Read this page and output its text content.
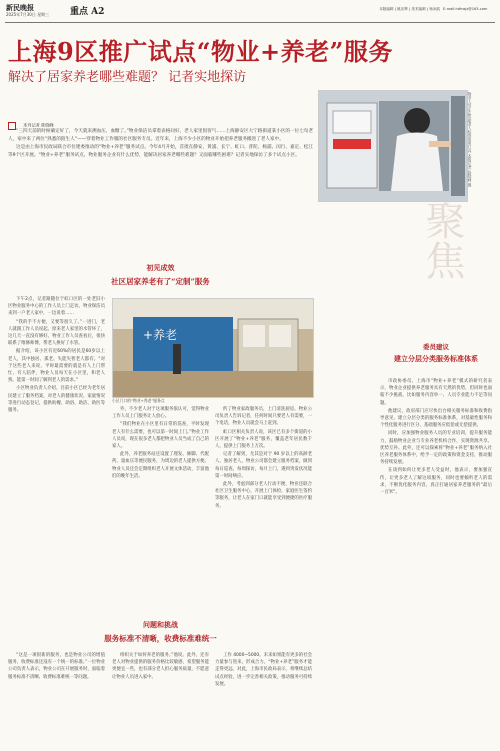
新民晚报
2025年7月30日 星期三 重点 A2	本版编辑 | 姚乐辉 | 美术编辑 | 杨冰鸥 E-mail:hdhwjz@163.com
上海9区推广试点“物业+养老”服务
解决了居家养老哪些难题？ 记者实地探访
本刊记者 陈晓峰

“三四天前的时候确定好了，今天就来测血压，血糖了。”物业保洁员拿着表格问好，老人家里很客气……上海静安区大宁路街道某小区的一位七旬老人，家中来了两位“熟悉的陌生人”——穿着物业工作服的社区服务专员。近年来，上海不少小区的物业开始把养老服务搬进了老人家中。

这是由上海市民政局联合市住建委推动的“物业+养老”服务试点。今年4月开始，首批在静安、黄浦、长宁、虹口、普陀、杨浦、闵行、嘉定、松江等9个区开展。“物业+养老”服务试点，物业服务企业有什么优势，能解决居家养老哪些难题？又面临哪些困难？记者实地探访了多个试点小区。	物业人员正在帮助老人检查家里灯具 本报记者 陈晓峰 摄
聚焦
初见成效
社区居家养老有了“定制”服务

下午2点，记者跟随位于虹口区的一处老旧小区物业服务中心的工作人员上门走访。物业保洁员来到一户老人家中，一边说着……

“我的手不方便，又要等很久了。”一进门，老人就跟工作人员说起。原来老人家里的水管坏了，这几天一直没有修好。物业工作人员查看后，很快联系了维修师傅，帮老人换好了水管。

据介绍，该小区有近60%的居民是60岁以上老人，其中独居、孤老、失能失智老人都有。“对于这些老人来说，平时最需要的就是有人上门帮忙、有人陪伴，物业人员每天在小区里，和老人熟，能第一时间了解到老人的需求。”

小区物业负责人介绍，目前小区已经为老年居民建立了服务档案，对老人的健康状况、家庭情况等进行动态登记，提供助餐、助浴、助洁、助医等服务。

+养老
小区门口的“物业+养老”服务点

外，不少老人对于这项服务很认可，觉得物业工作人员上门服务让人放心。

“我们物业在小区里有日常的巡查，平时发现老人有什么需要，也可以第一时间上门。”物业工作人员说，现在很多老人都把物业人员当成了自己的家人。

此外，养老服务站还设置了理发、修脚、代配药、量血压等便民服务，为周边的老人提供方便。物业人员还会定期组织老人开展文体活动，丰富他们的晚年生活。

约了物业家政服务员，上门清洗厨房。物业公司负责人告诉记者，任何时间只要老人有需要，一个电话，物业人员就会马上赶到。

虹口区相关负责人说，该区已有多个街道的小区开展了“物业+养老”服务，覆盖老年居民数千人，提供上门服务上万次。

记者了解到，尤其是对于 90 岁以上的高龄老人、独居老人，物业公司都会建立服务档案，做到每日巡查、每周探访、每月上门，遇到突发状况能第一时间响应。

此外，考虑到部分老人行动不便，物业还联合社区卫生服务中心，开展上门体检、家庭医生签约等服务，让老人在家门口就能享受到便捷的医疗服务。

问题和挑战
服务标准不清晰，收费标准难统一

“这是一项很新的服务，也是物业公司的增值服务，收费标准还没有一个统一的标准。”一位物业公司负责人表示，物业公司在开展服务时，面临着服务标准不清晰、收费标准难统一等问题。

组织关于如何养老的服务。”他说。此外，还有老人对物业提供的服务价格比较敏感，希望服务能更便宜一些，也有部分老人担心服务质量，不愿意让物业人员进入家中。

工作 4000~5000。未来如果能有更多的社会力量参与进来，形成合力，“物业+养老”服务才能走得更远。对此，上海市民政局表示，将继续总结试点经验，进一步完善相关政策，推动服务可持续发展。

委员建议
建立分层分类服务标准体系

市政协委员、上海市“物业+养老”模式的研究者表示，物业企业提供养老服务具有天然的优势，但同时也面临不少挑战，比如服务内容单一、人员专业能力不足等问题。

他建议，政府部门应尽快出台相关服务标准和收费指导意见，建立分层分类的服务标准体系，对基础性服务和个性化服务进行区分，基础服务应低偿或无偿提供。

同时，应加强物业服务人员的专业培训，提升服务能力，鼓励物业企业与专业养老机构合作，实现资源共享、优势互补。此外，还可以探索将“物业+养老”服务纳入社区养老服务体系中，给予一定的政策和资金支持，推动服务持续发展。

在谈到如何让更多老人受益时，他表示，要加强宣传，让更多老人了解这项服务，同时也要倾听老人的需求，不断优化服务内容，真正打通居家养老服务的“最后一百米”。
